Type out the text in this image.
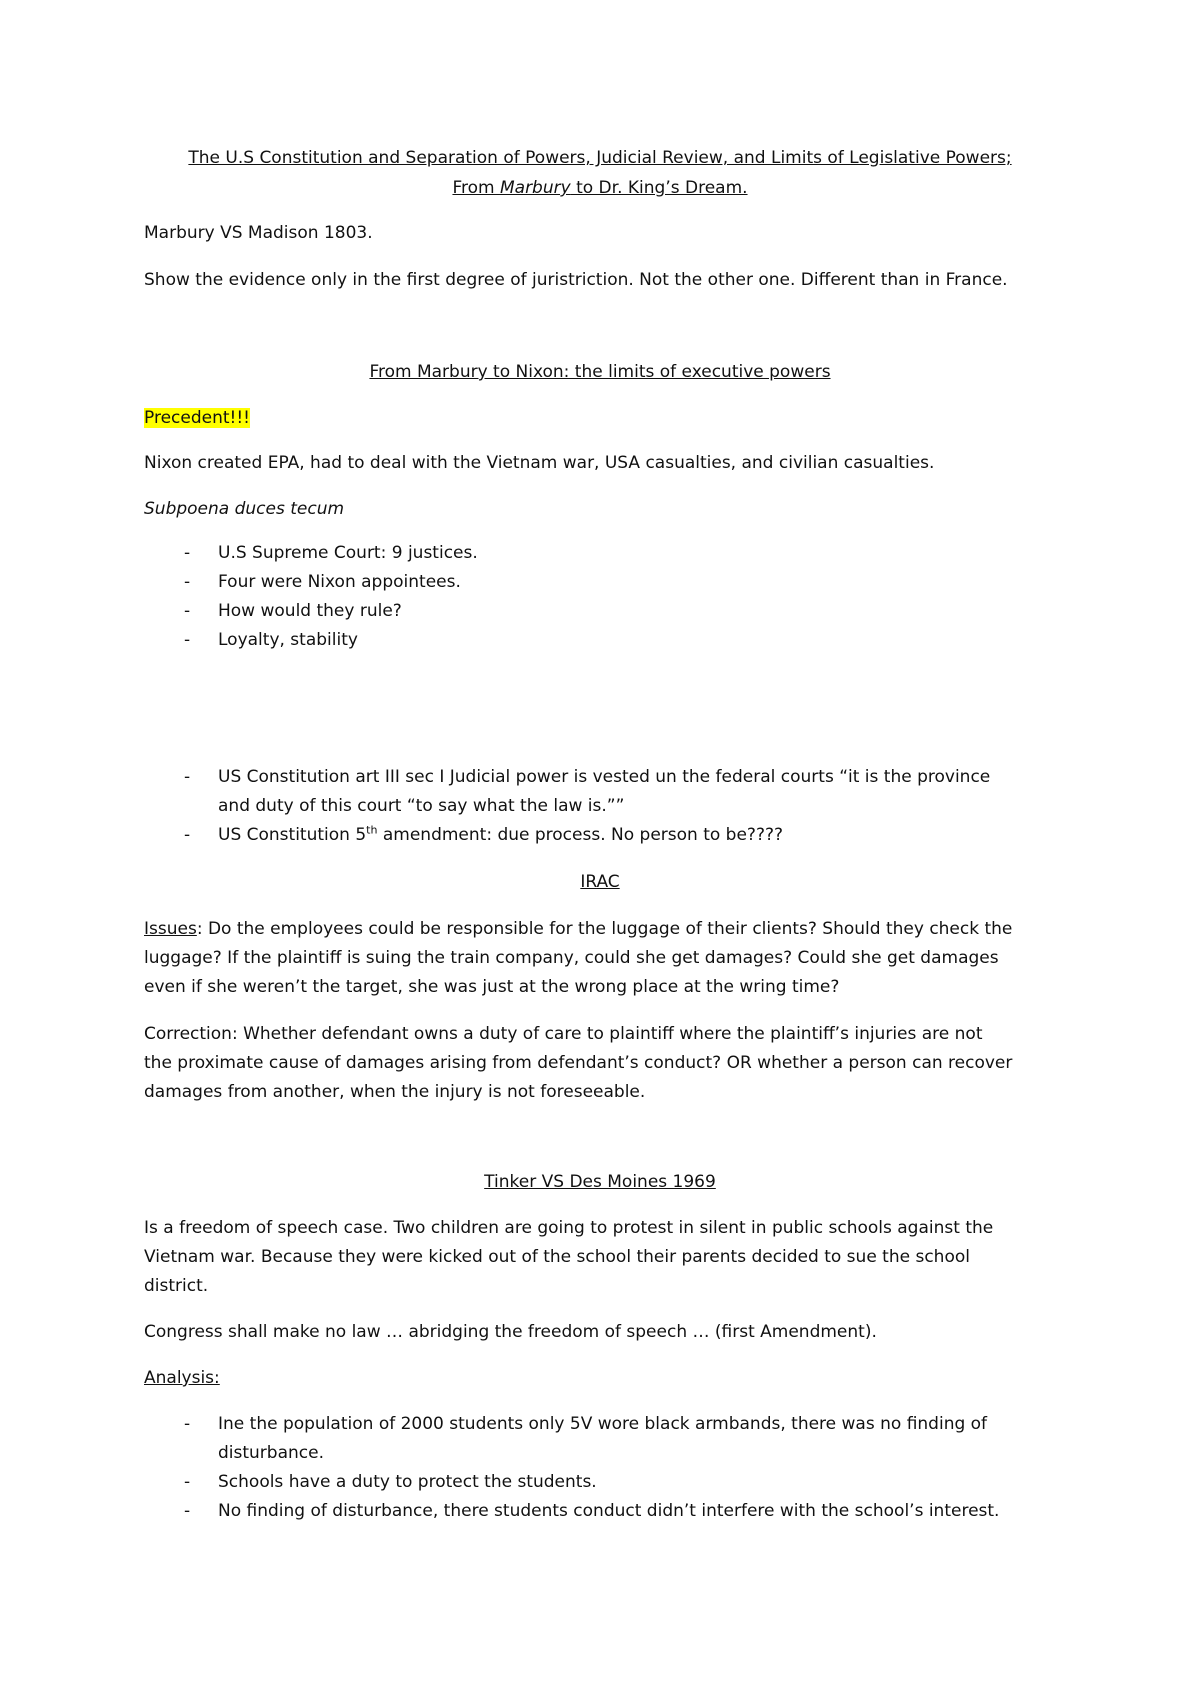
The U.S Constitution and Separation of Powers, Judicial Review, and Limits of Legislative Powers;
From Marbury to Dr. King’s Dream.
Marbury VS Madison 1803.
Show the evidence only in the first degree of juristriction. Not the other one. Different than in France.
From Marbury to Nixon: the limits of executive powers
Precedent!!!
Nixon created EPA, had to deal with the Vietnam war, USA casualties, and civilian casualties.
Subpoena duces tecum
- U.S Supreme Court: 9 justices.
- Four were Nixon appointees.
- How would they rule?
- Loyalty, stability
- US Constitution art III sec I Judicial power is vested un the federal courts “it is the province
and duty of this court “to say what the law is.””
- US Constitution 5th amendment: due process. No person to be????
IRAC
Issues: Do the employees could be responsible for the luggage of their clients? Should they check the
luggage? If the plaintiff is suing the train company, could she get damages? Could she get damages
even if she weren’t the target, she was just at the wrong place at the wring time?
Correction: Whether defendant owns a duty of care to plaintiff where the plaintiff’s injuries are not
the proximate cause of damages arising from defendant’s conduct? OR whether a person can recover
damages from another, when the injury is not foreseeable.
Tinker VS Des Moines 1969
Is a freedom of speech case. Two children are going to protest in silent in public schools against the
Vietnam war. Because they were kicked out of the school their parents decided to sue the school
district.
Congress shall make no law … abridging the freedom of speech … (first Amendment).
Analysis:
- Ine the population of 2000 students only 5V wore black armbands, there was no finding of
disturbance.
- Schools have a duty to protect the students.
- No finding of disturbance, there students conduct didn’t interfere with the school’s interest.
